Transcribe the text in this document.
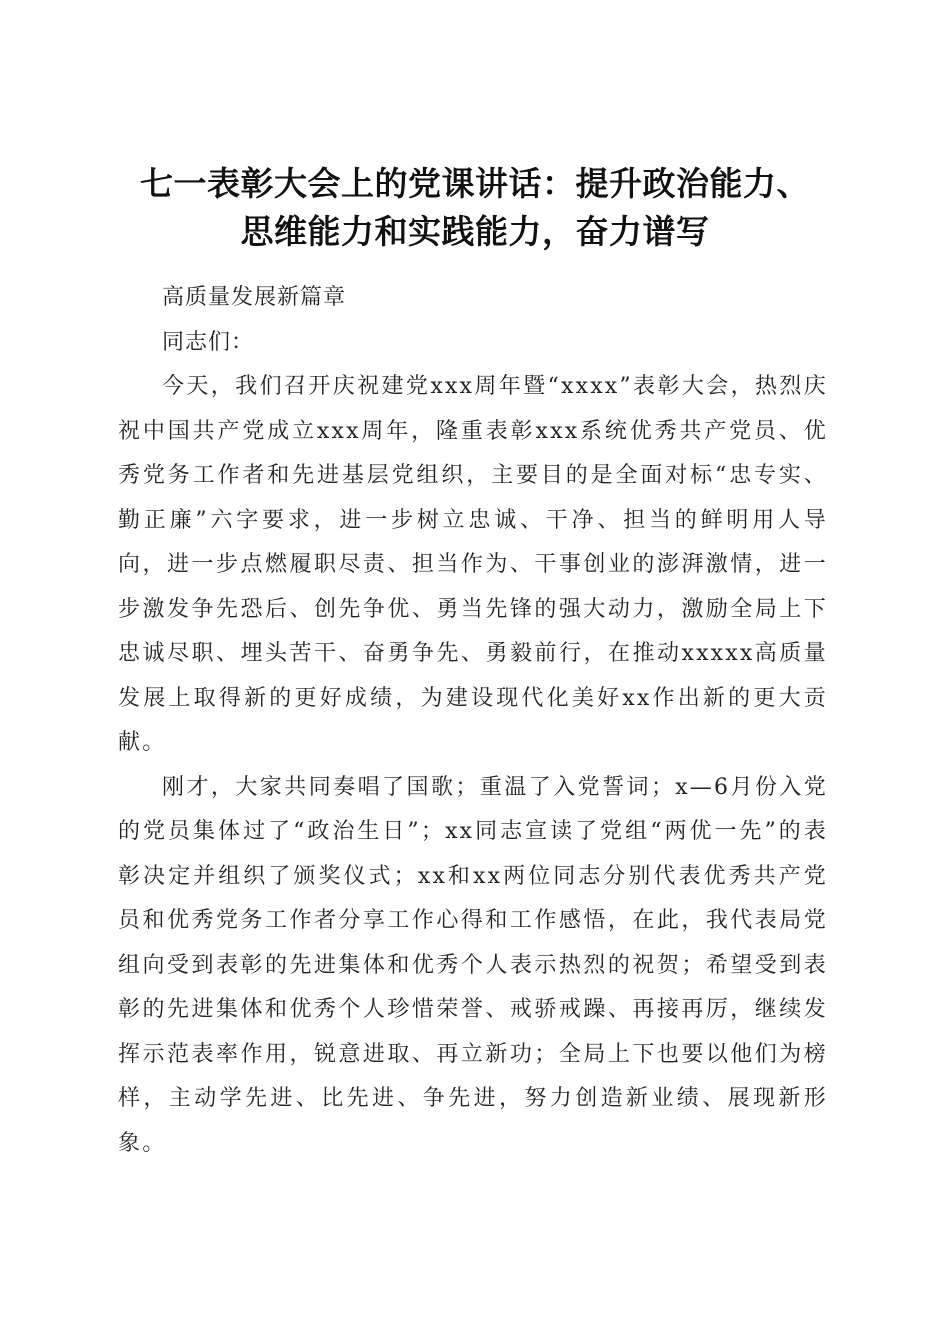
七一表彰大会上的党课讲话：提升政治能力、
思维能力和实践能力，奋力谱写

高质量发展新篇章

同志们：

今天，我们召开庆祝建党xxx周年暨“xxxx”表彰大会，热烈庆祝中国共产党成立xxx周年，隆重表彰xxx系统优秀共产党员、优秀党务工作者和先进基层党组织，主要目的是全面对标“忠专实、勤正廉”六字要求，进一步树立忠诚、干净、担当的鲜明用人导向，进一步点燃履职尽责、担当作为、干事创业的澎湃激情，进一步激发争先恐后、创先争优、勇当先锋的强大动力，激励全局上下忠诚尽职、埋头苦干、奋勇争先、勇毅前行，在推动xxxxx高质量发展上取得新的更好成绩，为建设现代化美好xx作出新的更大贡献。

刚才，大家共同奏唱了国歌；重温了入党誓词；x—6月份入党的党员集体过了“政治生日”；xx同志宣读了党组“两优一先”的表彰决定并组织了颁奖仪式；xx和xx两位同志分别代表优秀共产党员和优秀党务工作者分享工作心得和工作感悟，在此，我代表局党组向受到表彰的先进集体和优秀个人表示热烈的祝贺；希望受到表彰的先进集体和优秀个人珍惜荣誉、戒骄戒躁、再接再厉，继续发挥示范表率作用，锐意进取、再立新功；全局上下也要以他们为榜样，主动学先进、比先进、争先进，努力创造新业绩、展现新形象。
